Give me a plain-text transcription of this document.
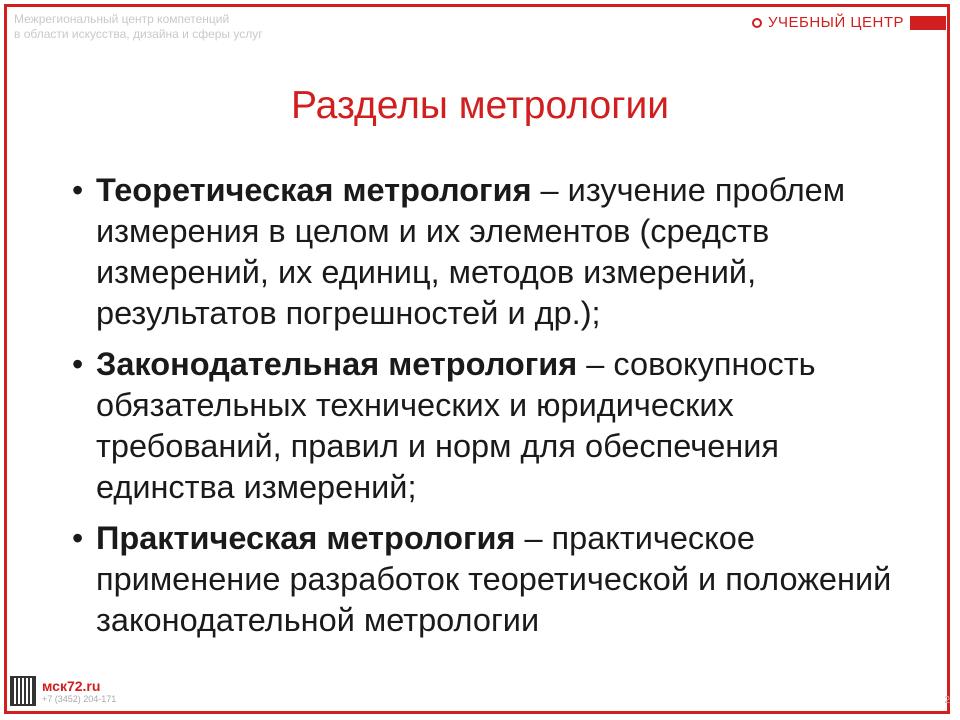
Межрегиональный центр компетенций
в области искусства, дизайна и сферы услуг
УЧЕБНЫЙ ЦЕНТР
Разделы метрологии
• Теоретическая метрология – изучение проблем измерения в целом и их элементов (средств измерений, их единиц, методов измерений, результатов погрешностей и др.);
• Законодательная метрология – совокупность обязательных технических и юридических требований, правил и норм для обеспечения единства измерений;
• Практическая метрология – практическое применение разработок теоретической и положений законодательной метрологии
мск72.ru
+7 (3452) 204-171	2
